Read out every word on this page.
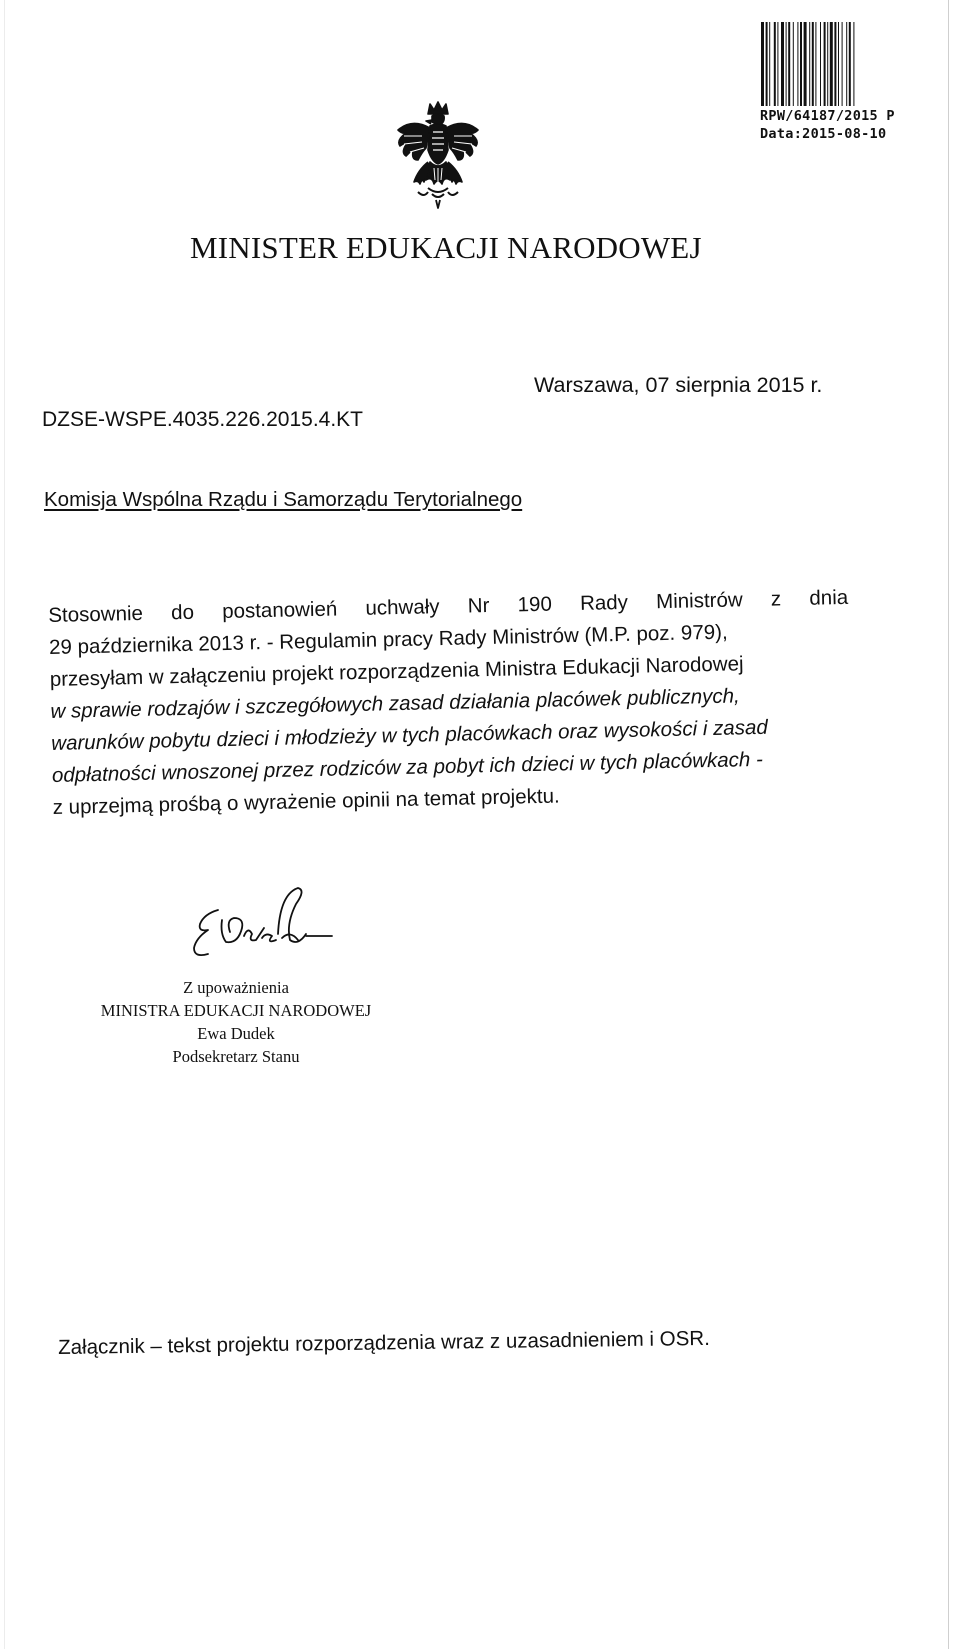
RPW/64187/2015 P
Data:2015-08-10
MINISTER EDUKACJI NARODOWEJ
Warszawa, 07 sierpnia 2015 r.
DZSE-WSPE.4035.226.2015.4.KT
Komisja Wspólna Rządu i Samorządu Terytorialnego
Stosownie do postanowień uchwały Nr 190 Rady Ministrów z dnia
29 października 2013 r. - Regulamin pracy Rady Ministrów (M.P. poz. 979),
przesyłam w załączeniu projekt rozporządzenia Ministra Edukacji Narodowej
w sprawie rodzajów i szczegółowych zasad działania placówek publicznych,
warunków pobytu dzieci i młodzieży w tych placówkach oraz wysokości i zasad
odpłatności wnoszonej przez rodziców za pobyt ich dzieci w tych placówkach -
z uprzejmą prośbą o wyrażenie opinii na temat projektu.
Z upoważnienia
MINISTRA EDUKACJI NARODOWEJ
Ewa Dudek
Podsekretarz Stanu
Załącznik – tekst projektu rozporządzenia wraz z uzasadnieniem i OSR.
